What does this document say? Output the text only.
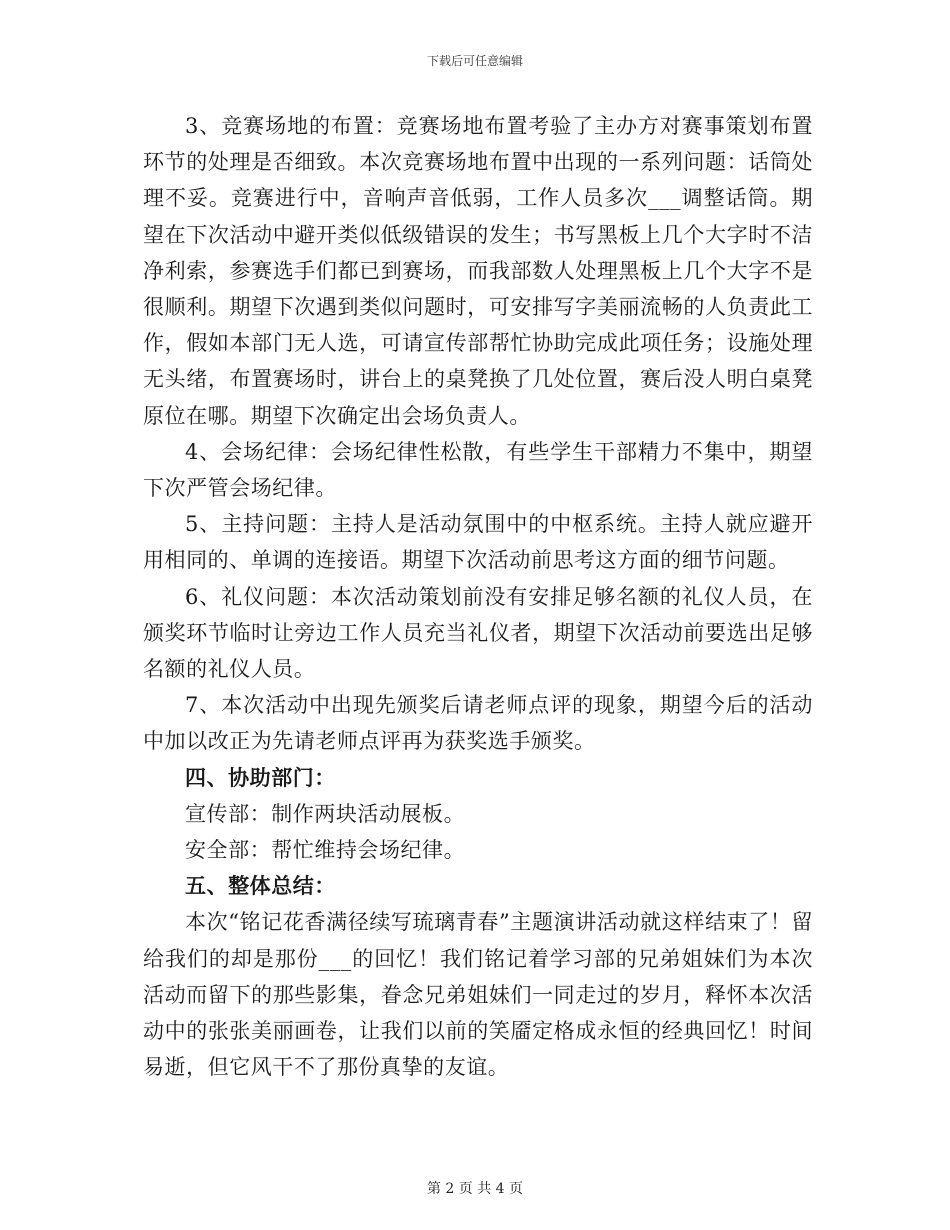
下载后可任意编辑

3、竞赛场地的布置：竞赛场地布置考验了主办方对赛事策划布置环节的处理是否细致。本次竞赛场地布置中出现的一系列问题：话筒处理不妥。竞赛进行中，音响声音低弱，工作人员多次___调整话筒。期望在下次活动中避开类似低级错误的发生；书写黑板上几个大字时不洁净利索，参赛选手们都已到赛场，而我部数人处理黑板上几个大字不是很顺利。期望下次遇到类似问题时，可安排写字美丽流畅的人负责此工作，假如本部门无人选，可请宣传部帮忙协助完成此项任务；设施处理无头绪，布置赛场时，讲台上的桌凳换了几处位置，赛后没人明白桌凳原位在哪。期望下次确定出会场负责人。

4、会场纪律：会场纪律性松散，有些学生干部精力不集中，期望下次严管会场纪律。

5、主持问题：主持人是活动氛围中的中枢系统。主持人就应避开用相同的、单调的连接语。期望下次活动前思考这方面的细节问题。

6、礼仪问题：本次活动策划前没有安排足够名额的礼仪人员，在颁奖环节临时让旁边工作人员充当礼仪者，期望下次活动前要选出足够名额的礼仪人员。

7、本次活动中出现先颁奖后请老师点评的现象，期望今后的活动中加以改正为先请老师点评再为获奖选手颁奖。

四、协助部门：

宣传部：制作两块活动展板。

安全部：帮忙维持会场纪律。

五、整体总结：

本次“铭记花香满径续写琉璃青春”主题演讲活动就这样结束了！留给我们的却是那份___的回忆！我们铭记着学习部的兄弟姐妹们为本次活动而留下的那些影集，眷念兄弟姐妹们一同走过的岁月，释怀本次活动中的张张美丽画卷，让我们以前的笑靥定格成永恒的经典回忆！时间易逝，但它风干不了那份真挚的友谊。

第 2 页 共 4 页
